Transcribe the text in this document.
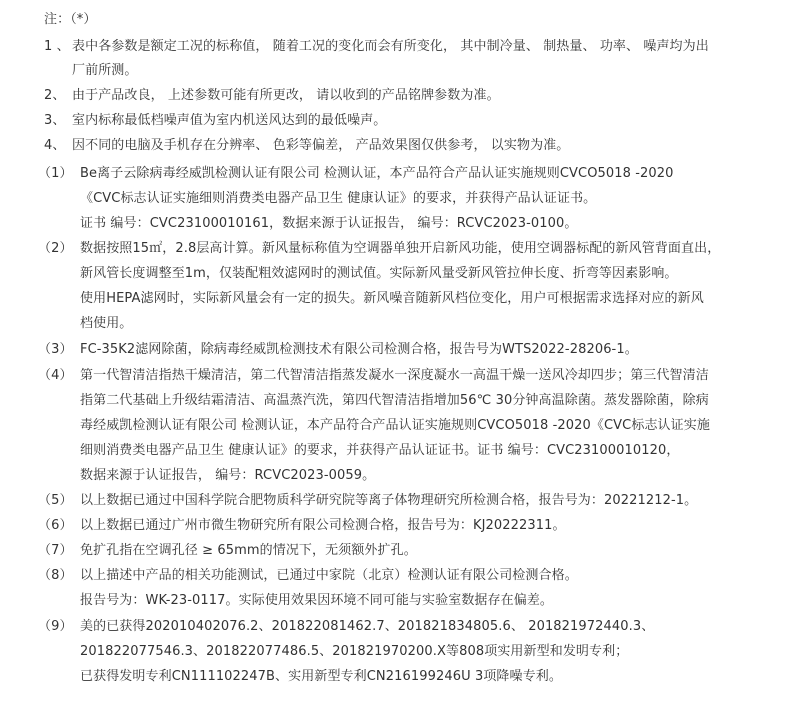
注：（*）
1 、 表中各参数是额定工况的标称值， 随着工况的变化而会有所变化， 其中制冷量、 制热量、 功率、 噪声均为出
厂前所测。
2、 由于产品改良， 上述参数可能有所更改， 请以收到的产品铭牌参数为准。
3、 室内标称最低档噪声值为室内机送风达到的最低噪声。
4、 因不同的电脑及手机存在分辨率、 色彩等偏差， 产品效果图仅供参考， 以实物为准。
（1） Be离子云除病毒经威凯检测认证有限公司 检测认证，本产品符合产品认证实施规则CVCO5018 -2020
《CVC标志认证实施细则消费类电器产品卫生 健康认证》的要求，并获得产品认证证书。
证书 编号：CVC23100010161，数据来源于认证报告， 编号：RCVC2023-0100。
（2） 数据按照15㎡，2.8层高计算。新风量标称值为空调器单独开启新风功能，使用空调器标配的新风管背面直出，
新风管长度调整至1m，仅装配粗效滤网时的测试值。实际新风量受新风管拉伸长度、折弯等因素影响。
使用HEPA滤网时，实际新风量会有一定的损失。新风噪音随新风档位变化，用户可根据需求选择对应的新风
档使用。
（3） FC-35K2滤网除菌，除病毒经威凯检测技术有限公司检测合格，报告号为WTS2022-28206-1。
（4） 第一代智清洁指热干燥清洁，第二代智清洁指蒸发凝水一深度凝水一高温干燥一送风冷却四步；第三代智清洁
指第二代基础上升级结霜清洁、高温蒸汽洗，第四代智清洁指增加56℃ 30分钟高温除菌。蒸发器除菌，除病
毒经威凯检测认证有限公司 检测认证，本产品符合产品认证实施规则CVCO5018 -2020《CVC标志认证实施
细则消费类电器产品卫生 健康认证》的要求，并获得产品认证证书。证书 编号：CVC23100010120，
数据来源于认证报告， 编号：RCVC2023-0059。
（5） 以上数据已通过中国科学院合肥物质科学研究院等离子体物理研究所检测合格，报告号为：20221212-1。
（6） 以上数据已通过广州市微生物研究所有限公司检测合格，报告号为：KJ20222311。
（7） 免扩孔指在空调孔径 ≥ 65mm的情况下，无须额外扩孔。
（8） 以上描述中产品的相关功能测试，已通过中家院（北京）检测认证有限公司检测合格。
报告号为：WK-23-0117。实际使用效果因环境不同可能与实验室数据存在偏差。
（9） 美的已获得202010402076.2、201822081462.7、201821834805.6、 201821972440.3、
201822077546.3、201822077486.5、201821970200.X等808项实用新型和发明专利；
已获得发明专利CN111102247B、实用新型专利CN216199246U 3项降噪专利。
